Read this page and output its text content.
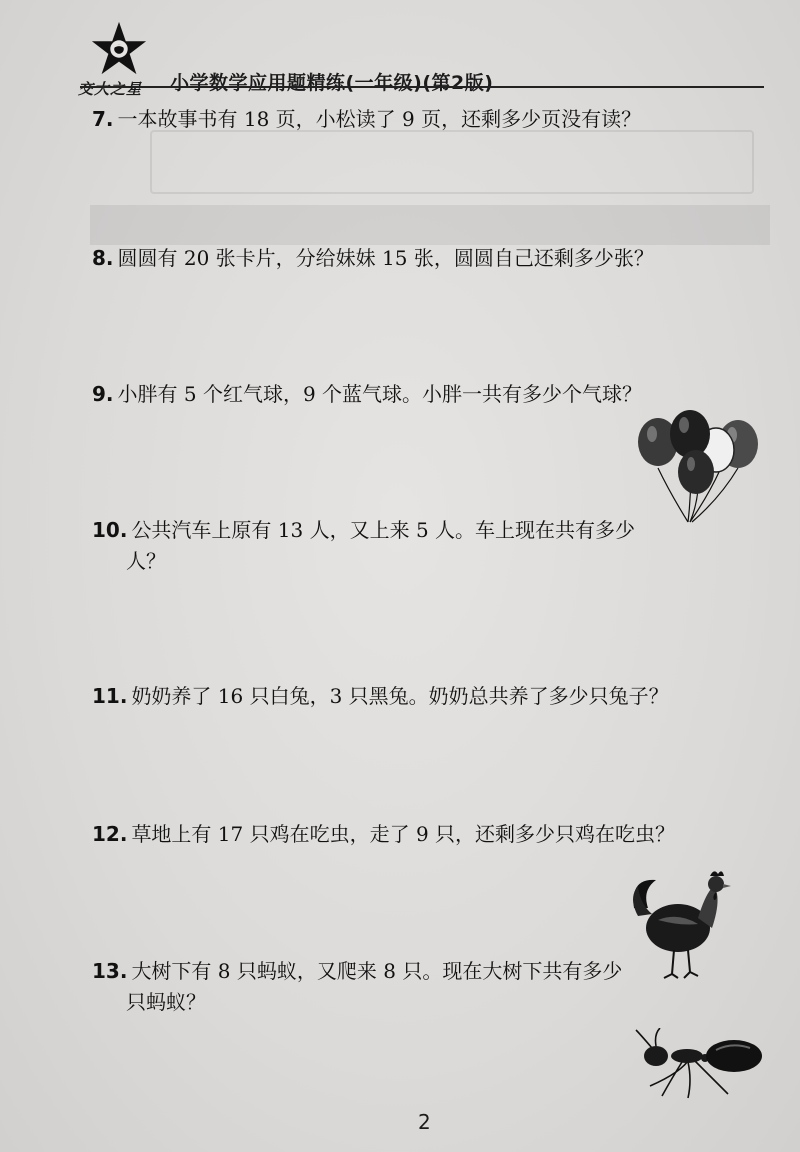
交大之星 小学数学应用题精练(一年级)(第2版)
7. 一本故事书有 18 页，小松读了 9 页，还剩多少页没有读？
8. 圆圆有 20 张卡片，分给妹妹 15 张，圆圆自己还剩多少张？
9. 小胖有 5 个红气球，9 个蓝气球。小胖一共有多少个气球？
10. 公共汽车上原有 13 人，又上来 5 人。车上现在共有多少
人？
11. 奶奶养了 16 只白兔，3 只黑兔。奶奶总共养了多少只兔子？
12. 草地上有 17 只鸡在吃虫，走了 9 只，还剩多少只鸡在吃虫？
13. 大树下有 8 只蚂蚁，又爬来 8 只。现在大树下共有多少
只蚂蚁？
2
